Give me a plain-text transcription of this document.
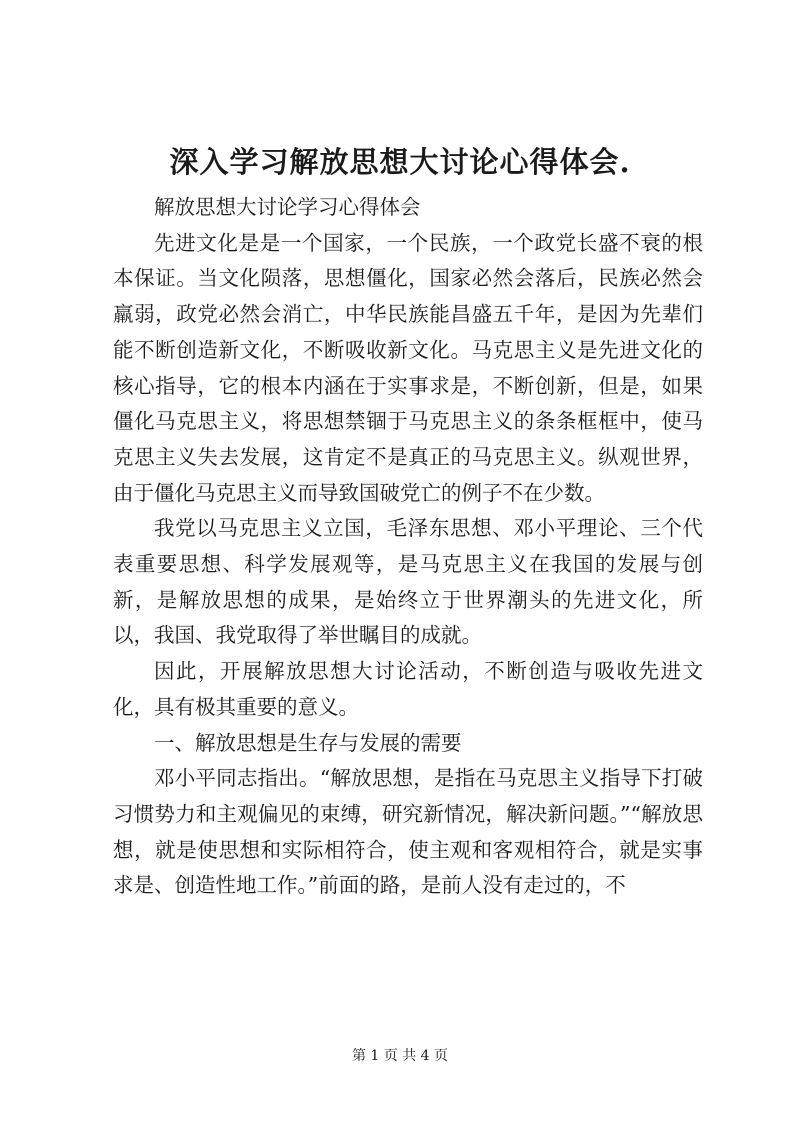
深入学习解放思想大讨论心得体会.

解放思想大讨论学习心得体会

先进文化是是一个国家，一个民族，一个政党长盛不衰的根本保证。当文化陨落，思想僵化，国家必然会落后，民族必然会羸弱，政党必然会消亡，中华民族能昌盛五千年，是因为先辈们能不断创造新文化，不断吸收新文化。马克思主义是先进文化的核心指导，它的根本内涵在于实事求是，不断创新，但是，如果僵化马克思主义，将思想禁锢于马克思主义的条条框框中，使马克思主义失去发展，这肯定不是真正的马克思主义。纵观世界，由于僵化马克思主义而导致国破党亡的例子不在少数。

我党以马克思主义立国，毛泽东思想、邓小平理论、三个代表重要思想、科学发展观等，是马克思主义在我国的发展与创新，是解放思想的成果，是始终立于世界潮头的先进文化，所以，我国、我党取得了举世瞩目的成就。

因此，开展解放思想大讨论活动，不断创造与吸收先进文化，具有极其重要的意义。

一、解放思想是生存与发展的需要

邓小平同志指出。“解放思想，是指在马克思主义指导下打破习惯势力和主观偏见的束缚，研究新情况，解决新问题。”“解放思想，就是使思想和实际相符合，使主观和客观相符合，就是实事求是、创造性地工作。”前面的路，是前人没有走过的，不

第 1 页 共 4 页
